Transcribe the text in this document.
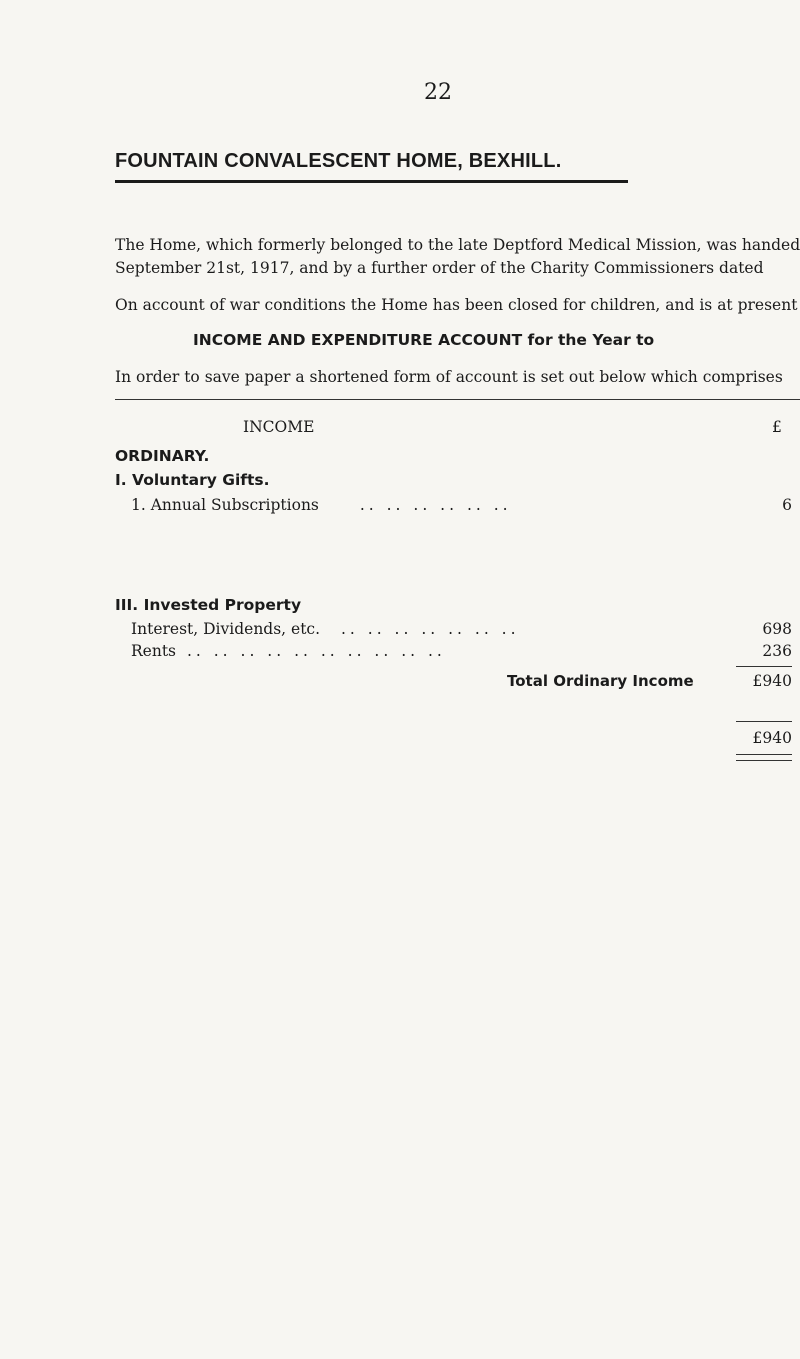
22
FOUNTAIN CONVALESCENT HOME, BEXHILL.
The Home, which formerly belonged to the late Deptford Medical Mission, was handed
September 21st, 1917, and by a further order of the Charity Commissioners dated
On account of war conditions the Home has been closed for children, and is at present
INCOME AND EXPENDITURE ACCOUNT for the Year to
In order to save paper a shortened form of account is set out below which comprises
INCOME	£
ORDINARY.
I. Voluntary Gifts.
1. Annual Subscriptions	.. .. .. .. .. ..	6
III. Invested Property
Interest, Dividends, etc. .. .. .. .. .. .. ..	698
Rents .. .. .. .. .. .. .. .. .. ..	236
Total Ordinary Income	£940
£940
